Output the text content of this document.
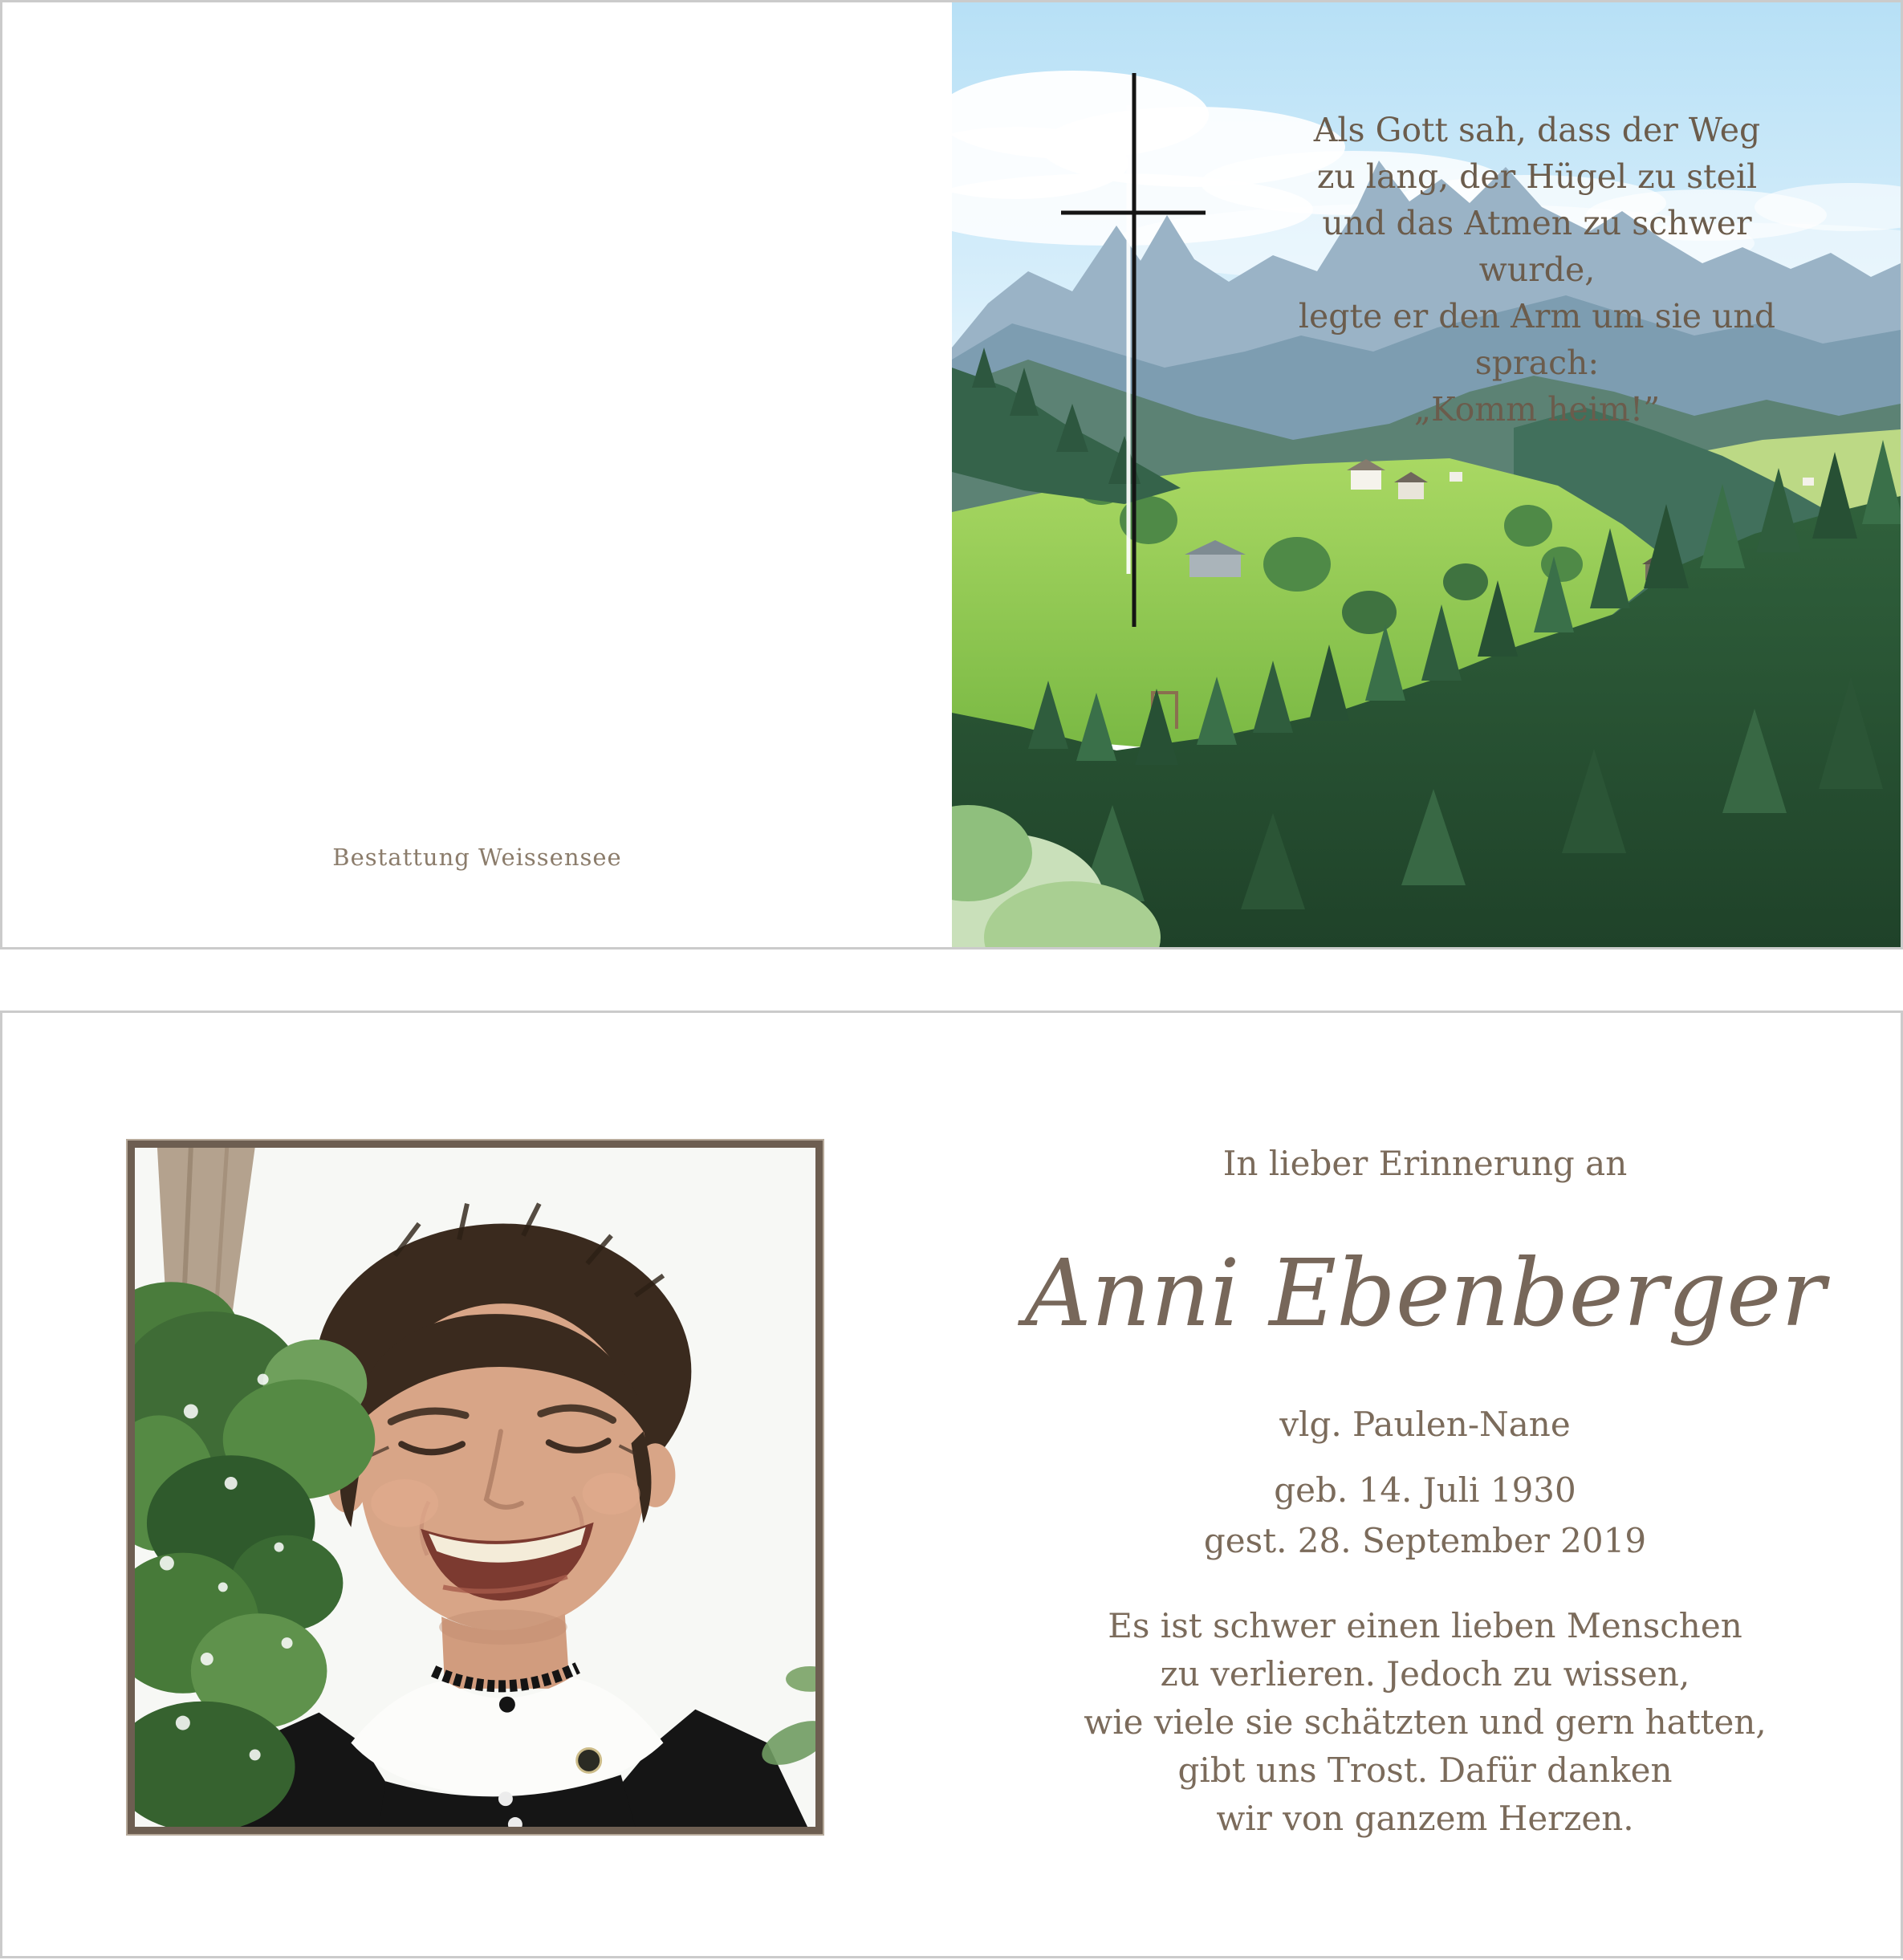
Bestattung Weissensee
Als Gott sah, dass der Weg
zu lang, der Hügel zu steil
und das Atmen zu schwer wurde,
legte er den Arm um sie und sprach:
„Komm heim!”
In lieber Erinnerung an
Anni Ebenberger
vlg. Paulen-Nane
geb. 14. Juli 1930
gest. 28. September 2019
Es ist schwer einen lieben Menschen
zu verlieren. Jedoch zu wissen,
wie viele sie schätzten und gern hatten,
gibt uns Trost. Dafür danken
wir von ganzem Herzen.
